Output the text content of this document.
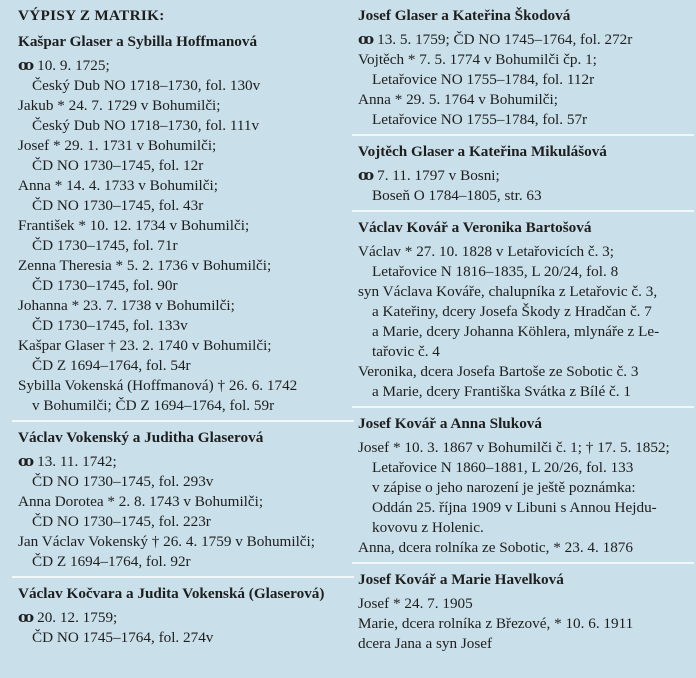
VÝPISY Z MATRIK:
Kašpar Glaser a Sybilla Hoffmanová
ꝏ 10. 9. 1725;
Český Dub NO 1718–1730, fol. 130v
Jakub * 24. 7. 1729 v Bohumilči;
Český Dub NO 1718–1730, fol. 111v
Josef * 29. 1. 1731 v Bohumilči;
ČD NO 1730–1745, fol. 12r
Anna * 14. 4. 1733 v Bohumilči;
ČD NO 1730–1745, fol. 43r
František * 10. 12. 1734 v Bohumilči;
ČD 1730–1745, fol. 71r
Zenna Theresia * 5. 2. 1736 v Bohumilči;
ČD 1730–1745, fol. 90r
Johanna * 23. 7. 1738 v Bohumilči;
ČD 1730–1745, fol. 133v
Kašpar Glaser † 23. 2. 1740 v Bohumilči;
ČD Z 1694–1764, fol. 54r
Sybilla Vokenská (Hoffmanová) † 26. 6. 1742
v Bohumilči; ČD Z 1694–1764, fol. 59r
Václav Vokenský a Juditha Glaserová
ꝏ 13. 11. 1742;
ČD NO 1730–1745, fol. 293v
Anna Dorotea * 2. 8. 1743 v Bohumilči;
ČD NO 1730–1745, fol. 223r
Jan Václav Vokenský † 26. 4. 1759 v Bohumilči;
ČD Z 1694–1764, fol. 92r
Václav Kočvara a Judita Vokenská (Glaserová)
ꝏ 20. 12. 1759;
ČD NO 1745–1764, fol. 274v
Josef Glaser a Kateřina Škodová
ꝏ 13. 5. 1759; ČD NO 1745–1764, fol. 272r
Vojtěch * 7. 5. 1774 v Bohumilči čp. 1;
Letařovice NO 1755–1784, fol. 112r
Anna * 29. 5. 1764 v Bohumilči;
Letařovice NO 1755–1784, fol. 57r
Vojtěch Glaser a Kateřina Mikulášová
ꝏ 7. 11. 1797 v Bosni;
Boseň O 1784–1805, str. 63
Václav Kovář a Veronika Bartošová
Václav * 27. 10. 1828 v Letařovicích č. 3;
Letařovice N 1816–1835, L 20/24, fol. 8
syn Václava Kováře, chalupníka z Letařovic č. 3,
a Kateřiny, dcery Josefa Škody z Hradčan č. 7
a Marie, dcery Johanna Köhlera, mlynáře z Le-
tařovic č. 4
Veronika, dcera Josefa Bartoše ze Sobotic č. 3
a Marie, dcery Františka Svátka z Bílé č. 1
Josef Kovář a Anna Sluková
Josef * 10. 3. 1867 v Bohumilči č. 1; † 17. 5. 1852;
Letařovice N 1860–1881, L 20/26, fol. 133
v zápise o jeho narození je ještě poznámka:
Oddán 25. října 1909 v Libuni s Annou Hejdu-
kovovu z Holenic.
Anna, dcera rolníka ze Sobotic, * 23. 4. 1876
Josef Kovář a Marie Havelková
Josef * 24. 7. 1905
Marie, dcera rolníka z Březové, * 10. 6. 1911
dcera Jana a syn Josef
